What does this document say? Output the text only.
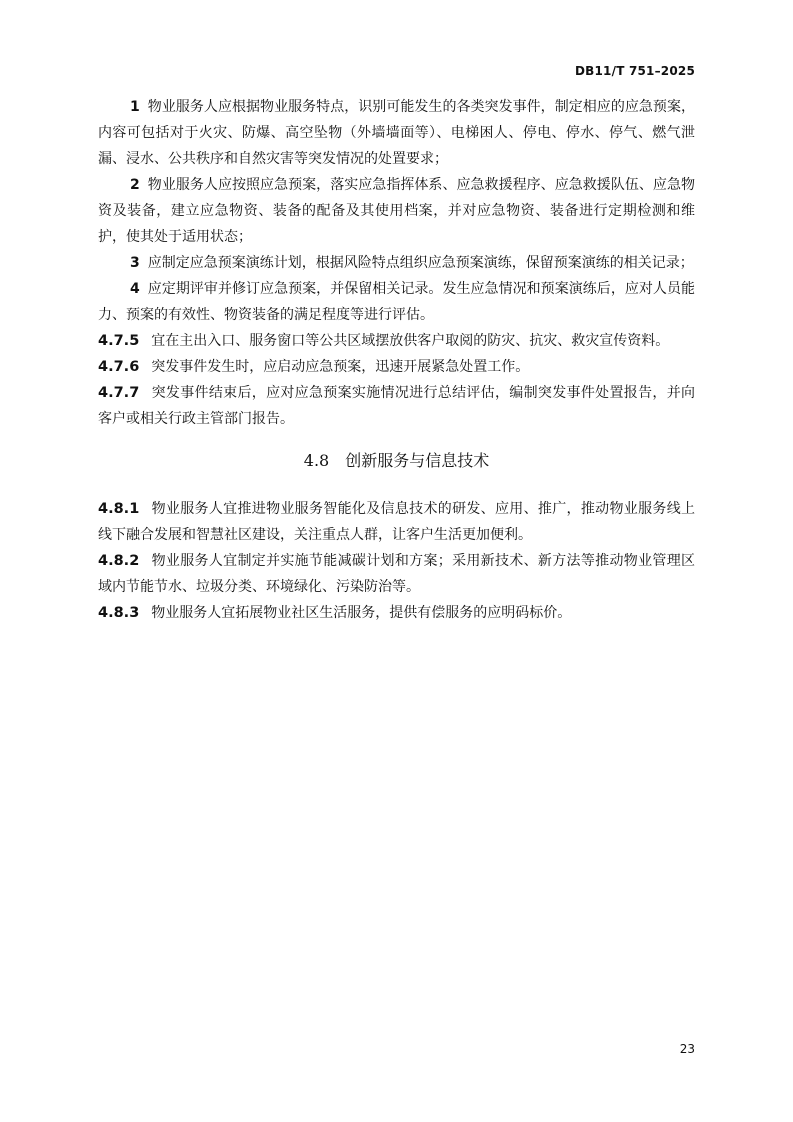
DB11/T 751–2025

1 物业服务人应根据物业服务特点，识别可能发生的各类突发事件，制定相应的应急预案，内容可包括对于火灾、防爆、高空坠物（外墙墙面等）、电梯困人、停电、停水、停气、燃气泄漏、浸水、公共秩序和自然灾害等突发情况的处置要求；

2 物业服务人应按照应急预案，落实应急指挥体系、应急救援程序、应急救援队伍、应急物资及装备，建立应急物资、装备的配备及其使用档案，并对应急物资、装备进行定期检测和维护，使其处于适用状态；

3 应制定应急预案演练计划，根据风险特点组织应急预案演练，保留预案演练的相关记录；

4 应定期评审并修订应急预案，并保留相关记录。发生应急情况和预案演练后，应对人员能力、预案的有效性、物资装备的满足程度等进行评估。

4.7.5 宜在主出入口、服务窗口等公共区域摆放供客户取阅的防灾、抗灾、救灾宣传资料。

4.7.6 突发事件发生时，应启动应急预案，迅速开展紧急处置工作。

4.7.7 突发事件结束后，应对应急预案实施情况进行总结评估，编制突发事件处置报告，并向客户或相关行政主管部门报告。

4.8 创新服务与信息技术

4.8.1 物业服务人宜推进物业服务智能化及信息技术的研发、应用、推广，推动物业服务线上线下融合发展和智慧社区建设，关注重点人群，让客户生活更加便利。

4.8.2 物业服务人宜制定并实施节能减碳计划和方案；采用新技术、新方法等推动物业管理区域内节能节水、垃圾分类、环境绿化、污染防治等。

4.8.3 物业服务人宜拓展物业社区生活服务，提供有偿服务的应明码标价。

23
